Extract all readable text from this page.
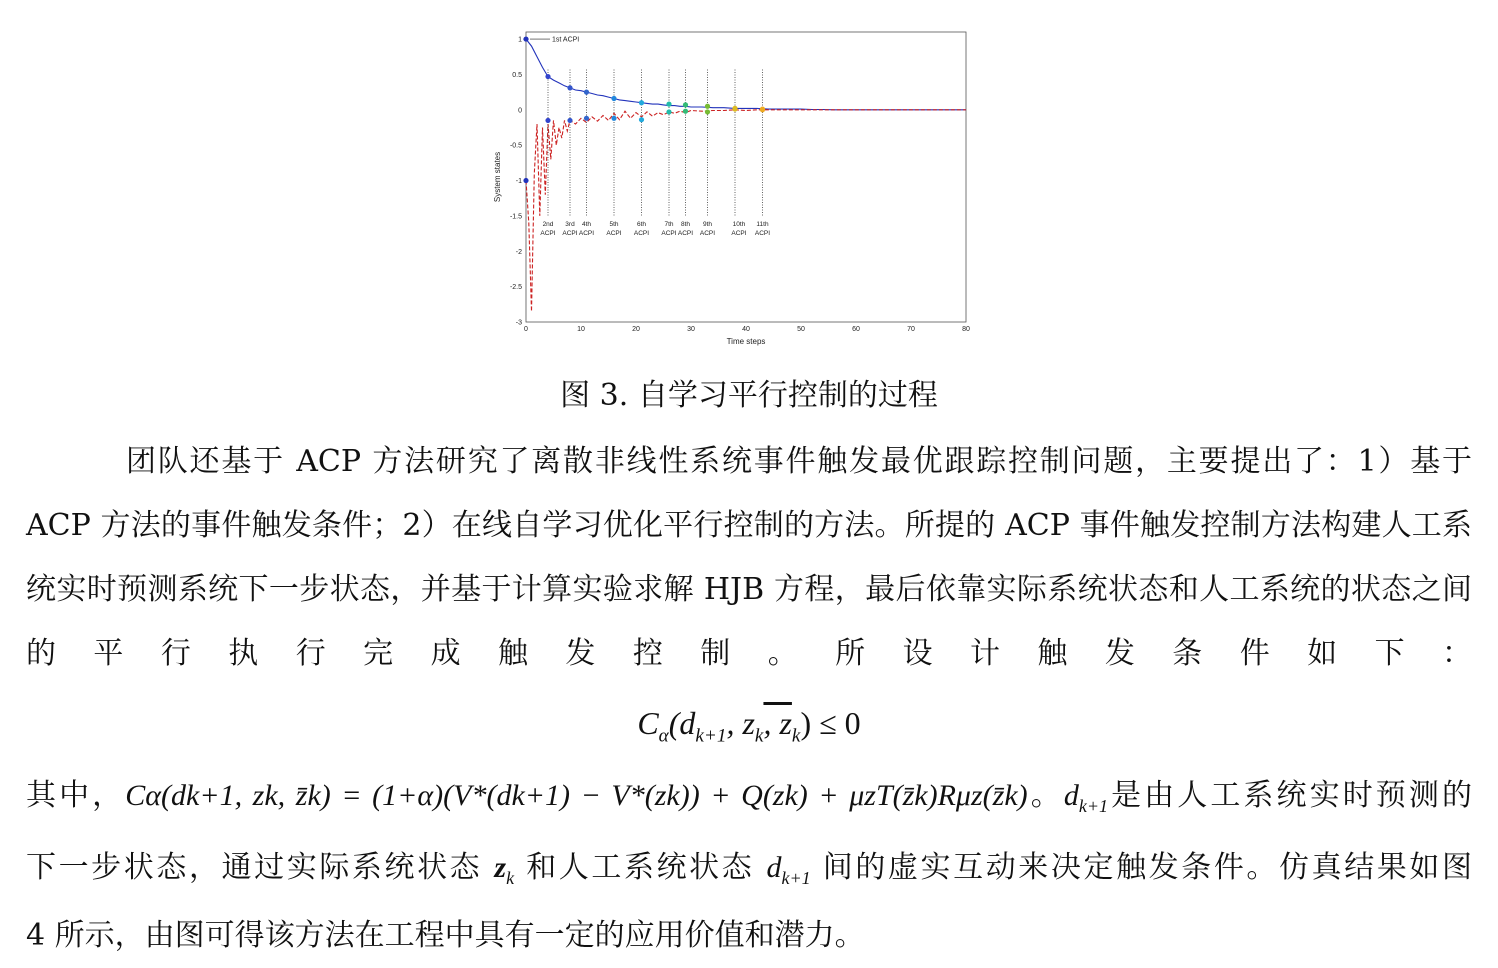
0	10	20	30	40	50	60	70	80
1
0.5
0
-0.5
-1
-1.5
-2
-2.5
-3
1st ACPI
2nd
ACPI
3rd
ACPI
4th
ACPI
5th
ACPI
6th
ACPI
7th
ACPI
8th
ACPI
9th
ACPI
10th
ACPI
11th
ACPI
Time steps
System states
图 3. 自学习平行控制的过程
团队还基于 ACP 方法研究了离散非线性系统事件触发最优跟踪控制问题，主要提出了：1）基于 ACP 方法的事件触发条件；2）在线自学习优化平行控制的方法。所提的 ACP 事件触发控制方法构建人工系统实时预测系统下一步状态，并基于计算实验求解 HJB 方程，最后依靠实际系统状态和人工系统的状态之间的平行执行完成触发控制。所设计触发条件如下：
$C_\alpha(d_{k+1}$, $z_k$, $z_k) \le 0$
其中，Cα(dk+1, zk, z̄k) = (1+α)(V*(dk+1) − V*(zk)) + Q(zk) + μzT(z̄k)Rμz(z̄k)。$d_{k+1}$是由人工系统实时预测的
下一步状态，通过实际系统状态 $z_k$ 和人工系统状态 $d_{k+1}$ 间的虚实互动来决定触发条件。仿真结果如图
4 所示，由图可得该方法在工程中具有一定的应用价值和潜力。
